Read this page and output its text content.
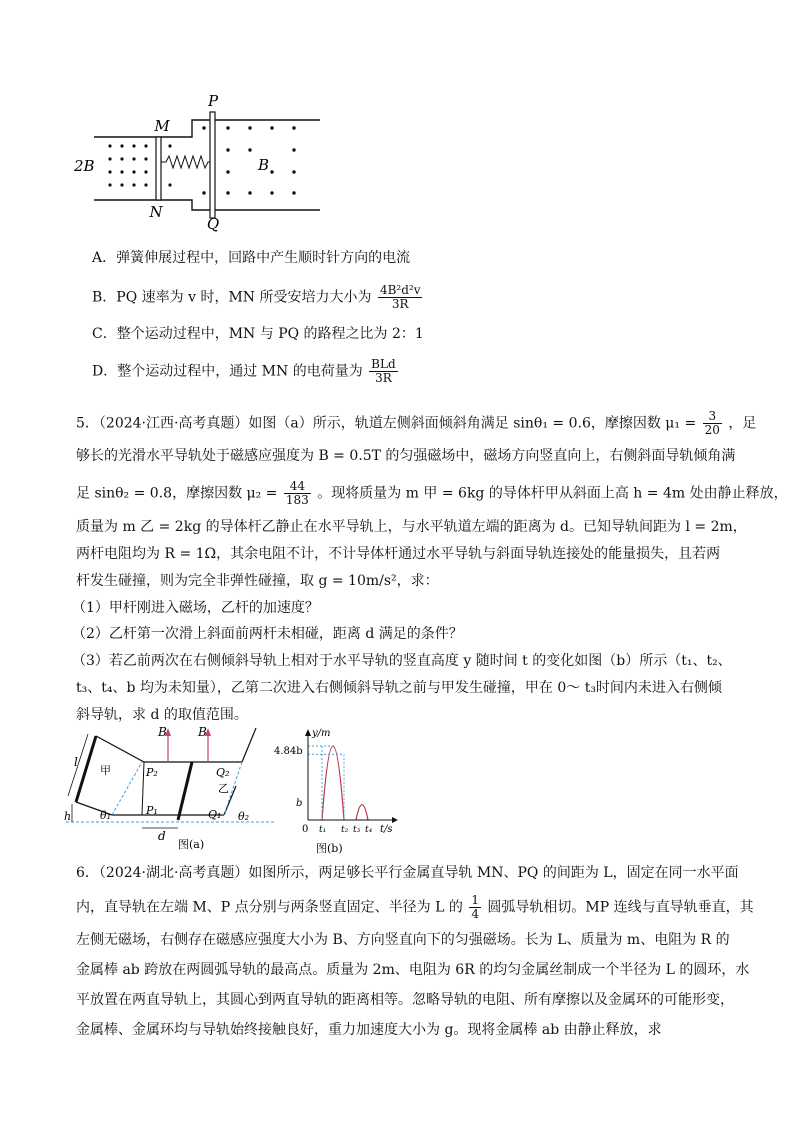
P
Q
M
N
2B	B
A．弹簧伸展过程中，回路中产生顺时针方向的电流
B．PQ 速率为 v 时，MN 所受安培力大小为 $\frac{\text{4B²d²v}}{3R}$
C．整个运动过程中，MN 与 PQ 的路程之比为 2：1
D．整个运动过程中，通过 MN 的电荷量为 $\frac{\text{BLd}}{3R}$
5．（2024·江西·高考真题）如图（a）所示，轨道左侧斜面倾斜角满足 sinθ₁ = 0.6，摩擦因数 $\mu_1 = \frac{3}{20}$ ，足
够长的光滑水平导轨处于磁感应强度为 B = 0.5T 的匀强磁场中，磁场方向竖直向上，右侧斜面导轨倾角满
足 sinθ₂ = 0.8，摩擦因数 $\mu_2 = \frac{44}{183}$ 。现将质量为 m 甲 = 6kg 的导体杆甲从斜面上高 h = 4m 处由静止释放，
质量为 m 乙 = 2kg 的导体杆乙静止在水平导轨上，与水平轨道左端的距离为 d。已知导轨间距为 l = 2m，
两杆电阻均为 R = 1Ω，其余电阻不计，不计导体杆通过水平导轨与斜面导轨连接处的能量损失，且若两
杆发生碰撞，则为完全非弹性碰撞，取 g = 10m/s²，求：
（1）甲杆刚进入磁场，乙杆的加速度？
（2）乙杆第一次滑上斜面前两杆未相碰，距离 d 满足的条件？
（3）若乙前两次在右侧倾斜导轨上相对于水平导轨的竖直高度 y 随时间 t 的变化如图（b）所示（t₁、t₂、
t₃、t₄、b 均为未知量），乙第二次进入右侧倾斜导轨之前与甲发生碰撞，甲在 0～ t₃时间内未进入右侧倾
斜导轨，求 d 的取值范围。
B	B
l
甲
乙
P₂
P₁
Q₂
Q₁
h	θ₁	θ₂
d
图(a)
y/m
t/s
4.84b
b
0 t₁ t₂ t₃ t₄
图(b)
6．（2024·湖北·高考真题）如图所示，两足够长平行金属直导轨 MN、PQ 的间距为 L，固定在同一水平面
内，直导轨在左端 M、P 点分别与两条竖直固定、半径为 L 的 $\frac{1}{4}$ 圆弧导轨相切。MP 连线与直导轨垂直，其
左侧无磁场，右侧存在磁感应强度大小为 B、方向竖直向下的匀强磁场。长为 L、质量为 m、电阻为 R 的
金属棒 ab 跨放在两圆弧导轨的最高点。质量为 2m、电阻为 6R 的均匀金属丝制成一个半径为 L 的圆环，水
平放置在两直导轨上，其圆心到两直导轨的距离相等。忽略导轨的电阻、所有摩擦以及金属环的可能形变，
金属棒、金属环均与导轨始终接触良好，重力加速度大小为 g。现将金属棒 ab 由静止释放，求
